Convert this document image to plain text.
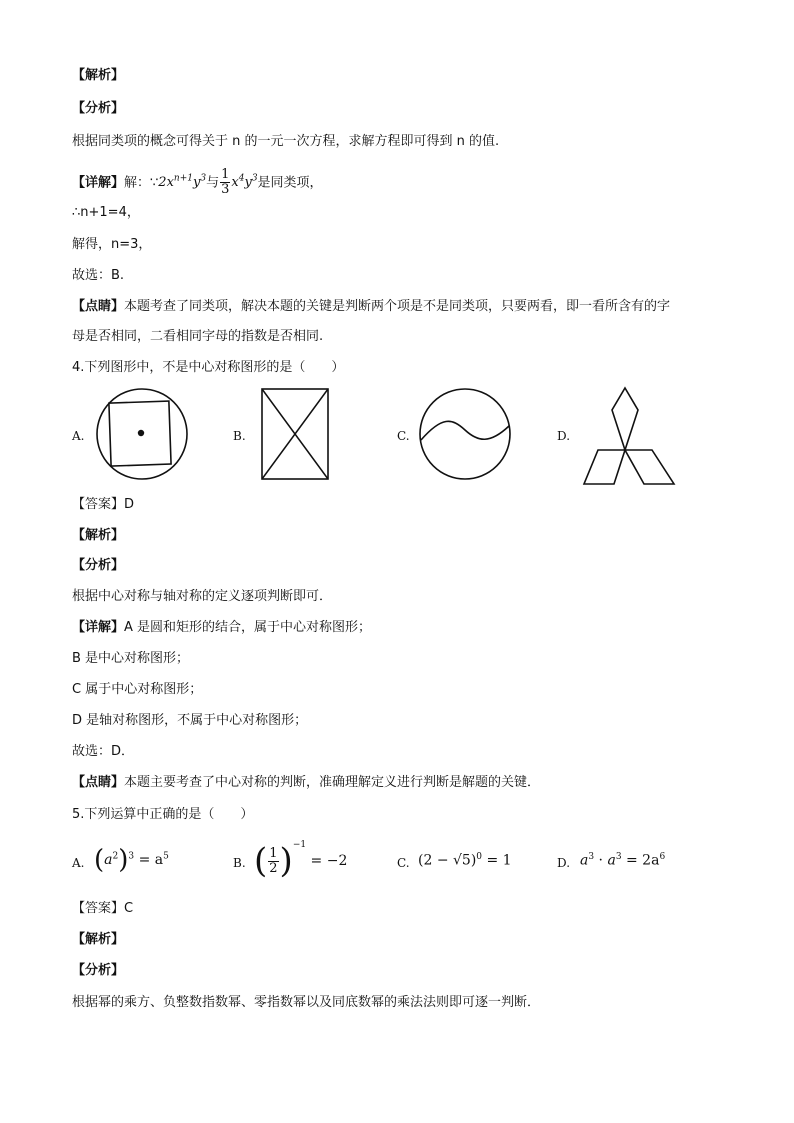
【解析】
【分析】
根据同类项的概念可得关于 n 的一元一次方程，求解方程即可得到 n 的值.
【详解】解：$\because 2x^{n+1}y^3$与 $\frac{1}{3} x^4y^3$是同类项，
∴n+1=4，
解得，n=3，
故选：B.
【点睛】本题考查了同类项，解决本题的关键是判断两个项是不是同类项，只要两看，即一看所含有的字
母是否相同，二看相同字母的指数是否相同.
4.下列图形中，不是中心对称图形的是（　　）
A.	B.	C.	D.
【答案】D
【解析】
【分析】
根据中心对称与轴对称的定义逐项判断即可．
【详解】A 是圆和矩形的结合，属于中心对称图形；
B 是中心对称图形；
C 属于中心对称图形；
D 是轴对称图形，不属于中心对称图形；
故选：D．
【点睛】本题主要考查了中心对称的判断，准确理解定义进行判断是解题的关键．
5.下列运算中正确的是（　　）
A. $(a^2)^3 = a^5$	B. ( $\frac{1}{2} )^{-1} = -2$	C. $(2 - √5)^0 = 1$	D. $a^3 \cdot a^3 = 2a^6$
【答案】C
【解析】
【分析】
根据幂的乘方、负整数指数幂、零指数幂以及同底数幂的乘法法则即可逐一判断．
